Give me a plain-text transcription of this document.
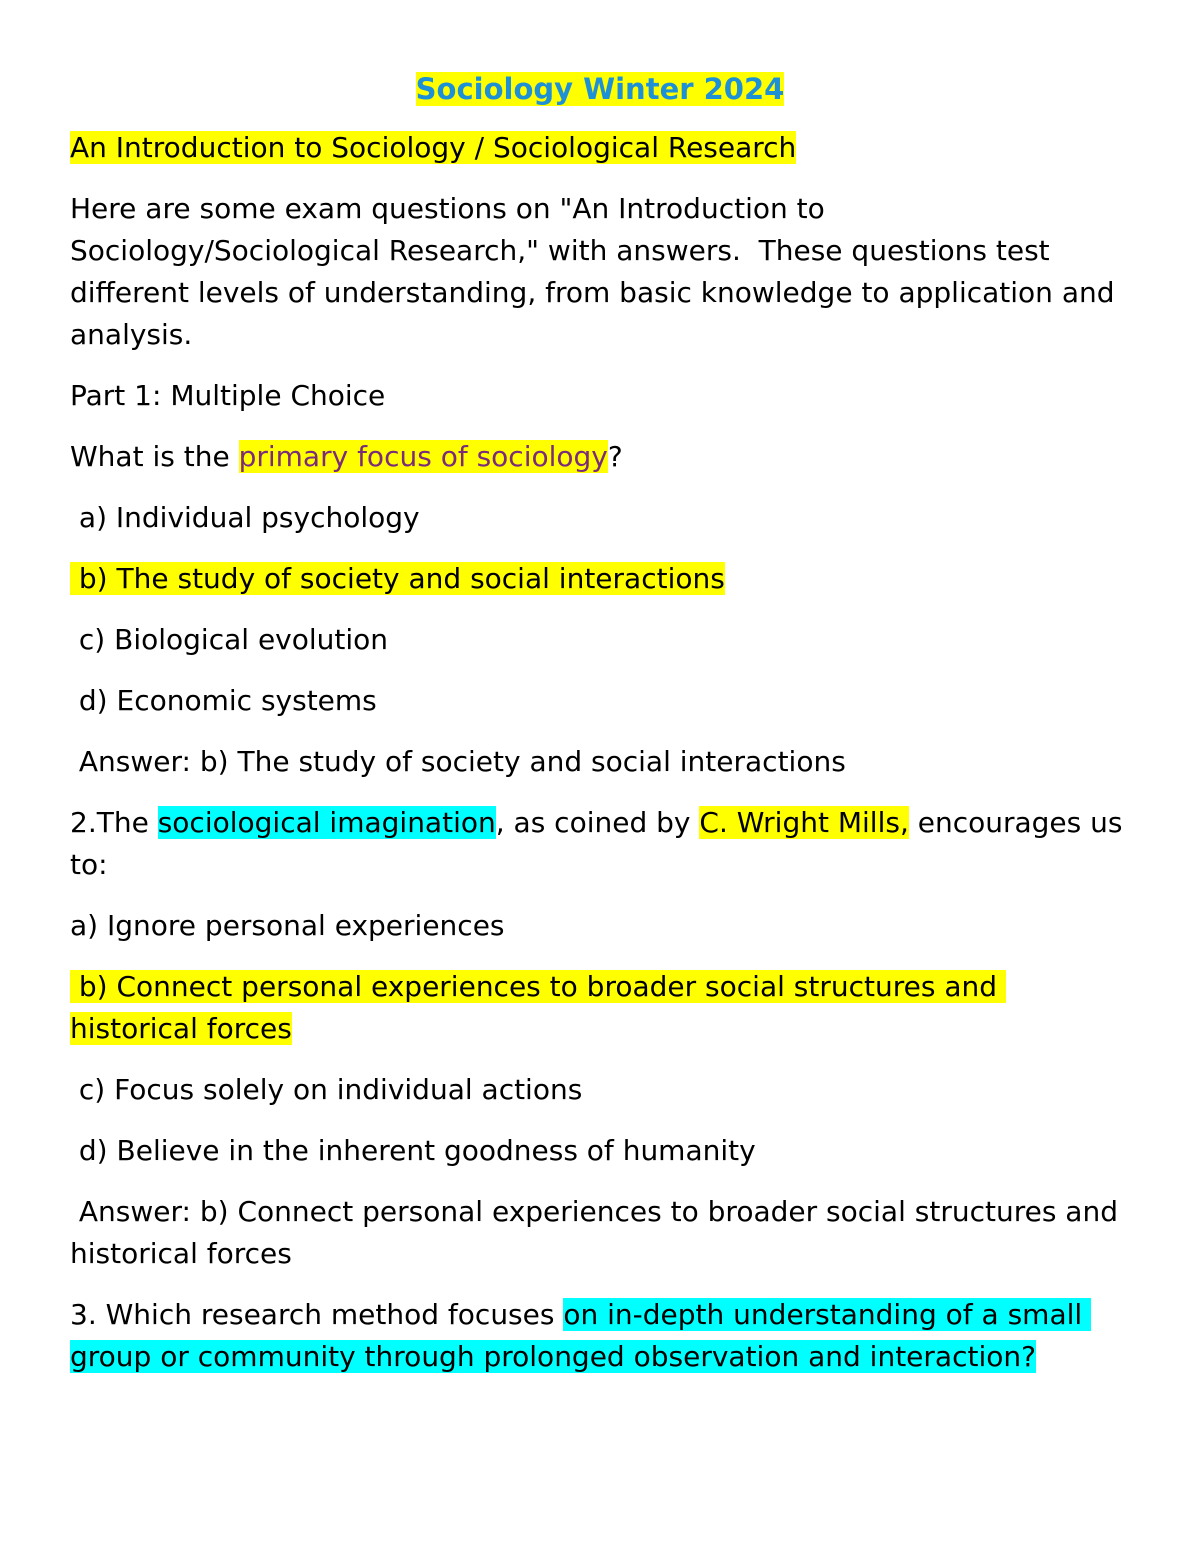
Sociology Winter 2024

An Introduction to Sociology / Sociological Research

Here are some exam questions on "An Introduction to Sociology/Sociological Research," with answers.  These questions test different levels of understanding, from basic knowledge to application and analysis.

Part 1: Multiple Choice

What is the primary focus of sociology?

a) Individual psychology

b) The study of society and social interactions

c) Biological evolution

d) Economic systems

Answer: b) The study of society and social interactions

2.The sociological imagination, as coined by C. Wright Mills, encourages us to:

a) Ignore personal experiences

b) Connect personal experiences to broader social structures and historical forces

c) Focus solely on individual actions

d) Believe in the inherent goodness of humanity

Answer: b) Connect personal experiences to broader social structures and historical forces

3. Which research method focuses on in-depth understanding of a small group or community through prolonged observation and interaction?
